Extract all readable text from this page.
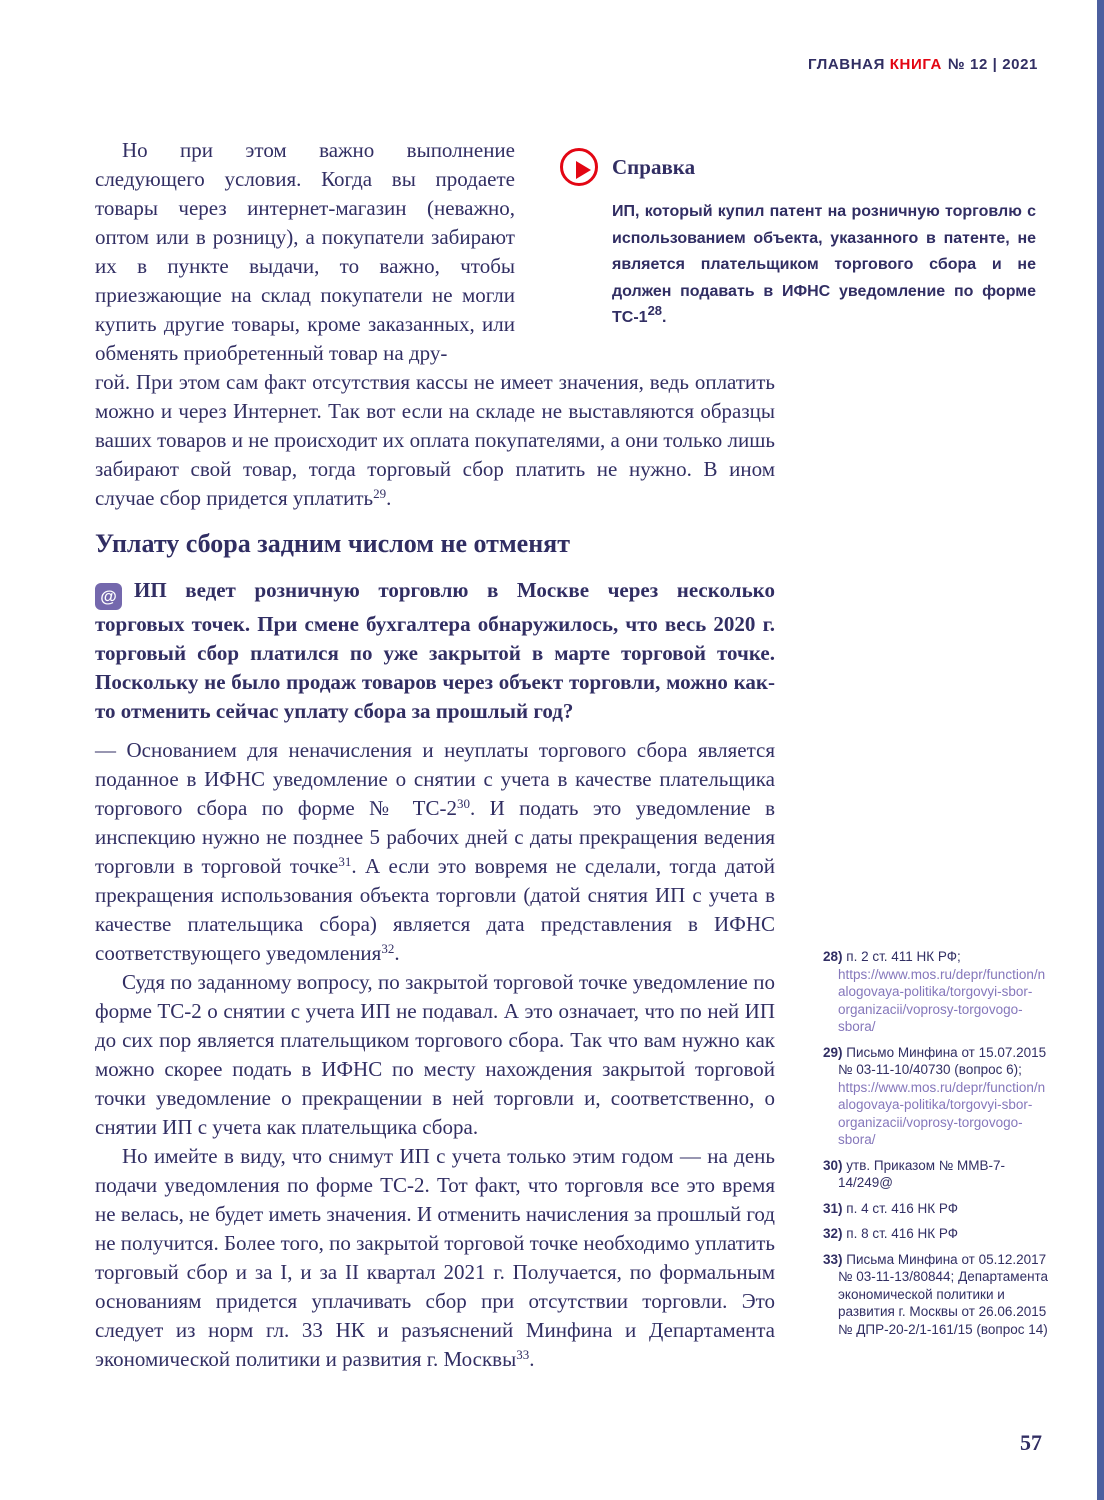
ГЛАВНАЯ КНИГА № 12 | 2021

Но при этом важно выполнение следующего условия. Когда вы продаете товары через интернет-магазин (неважно, оптом или в розницу), а покупатели забирают их в пункте выдачи, то важно, чтобы приезжающие на склад покупатели не могли купить другие товары, кроме заказанных, или обменять приобретенный товар на дру-

Справка

ИП, который купил патент на розничную торговлю с использованием объекта, указанного в патенте, не является плательщиком торгового сбора и не должен подавать в ИФНС уведомление по форме $ТС-1^{28}$.

гой. При этом сам факт отсутствия кассы не имеет значения, ведь оплатить можно и через Интернет. Так вот если на складе не выставляются образцы ваших товаров и не происходит их оплата покупателями, а они только лишь забирают свой товар, тогда торговый сбор платить не нужно. В ином случае сбор придется уплатить$^{29}$.

Уплату сбора задним числом не отменят

@ ИП ведет розничную торговлю в Москве через несколько торговых точек. При смене бухгалтера обнаружилось, что весь 2020 г. торговый сбор платился по уже закрытой в марте торговой точке. Поскольку не было продаж товаров через объект торговли, можно как-то отменить сейчас уплату сбора за прошлый год?

— Основанием для неначисления и неуплаты торгового сбора является поданное в ИФНС уведомление о снятии с учета в качестве плательщика торгового сбора по форме № $ТС-2^{30}$. И подать это уведомление в инспекцию нужно не позднее 5 рабочих дней с даты прекращения ведения торговли в торговой точке$^{31}$. А если это вовремя не сделали, тогда датой прекращения использования объекта торговли (датой снятия ИП с учета в качестве плательщика сбора) является дата представления в ИФНС соответствующего уведомления$^{32}$.

Судя по заданному вопросу, по закрытой торговой точке уведомление по форме ТС-2 о снятии с учета ИП не подавал. А это означает, что по ней ИП до сих пор является плательщиком торгового сбора. Так что вам нужно как можно скорее подать в ИФНС по месту нахождения закрытой торговой точки уведомление о прекращении в ней торговли и, соответственно, о снятии ИП с учета как плательщика сбора.

Но имейте в виду, что снимут ИП с учета только этим годом — на день подачи уведомления по форме ТС-2. Тот факт, что торговля все это время не велась, не будет иметь значения. И отменить начисления за прошлый год не получится. Более того, по закрытой торговой точке необходимо уплатить торговый сбор и за I, и за II квартал 2021 г. Получается, по формальным основаниям придется уплачивать сбор при отсутствии торговли. Это следует из норм гл. 33 НК и разъяснений Минфина и Департамента экономической политики и развития г. Москвы$^{33}$.

28) п. 2 ст. 411 НК РФ; https://www.mos.ru/depr/function/nalogovaya-politika/torgovyi-sbor-organizacii/voprosy-torgovogo-sbora/
29) Письмо Минфина от 15.07.2015 № 03-11-10/40730 (вопрос 6); https://www.mos.ru/depr/function/nalogovaya-politika/torgovyi-sbor-organizacii/voprosy-torgovogo-sbora/
30) утв. Приказом № ММВ-7-14/249@
31) п. 4 ст. 416 НК РФ
32) п. 8 ст. 416 НК РФ
33) Письма Минфина от 05.12.2017 № 03-11-13/80844; Департамента экономической политики и развития г. Москвы от 26.06.2015 № ДПР-20-2/1-161/15 (вопрос 14)
57
